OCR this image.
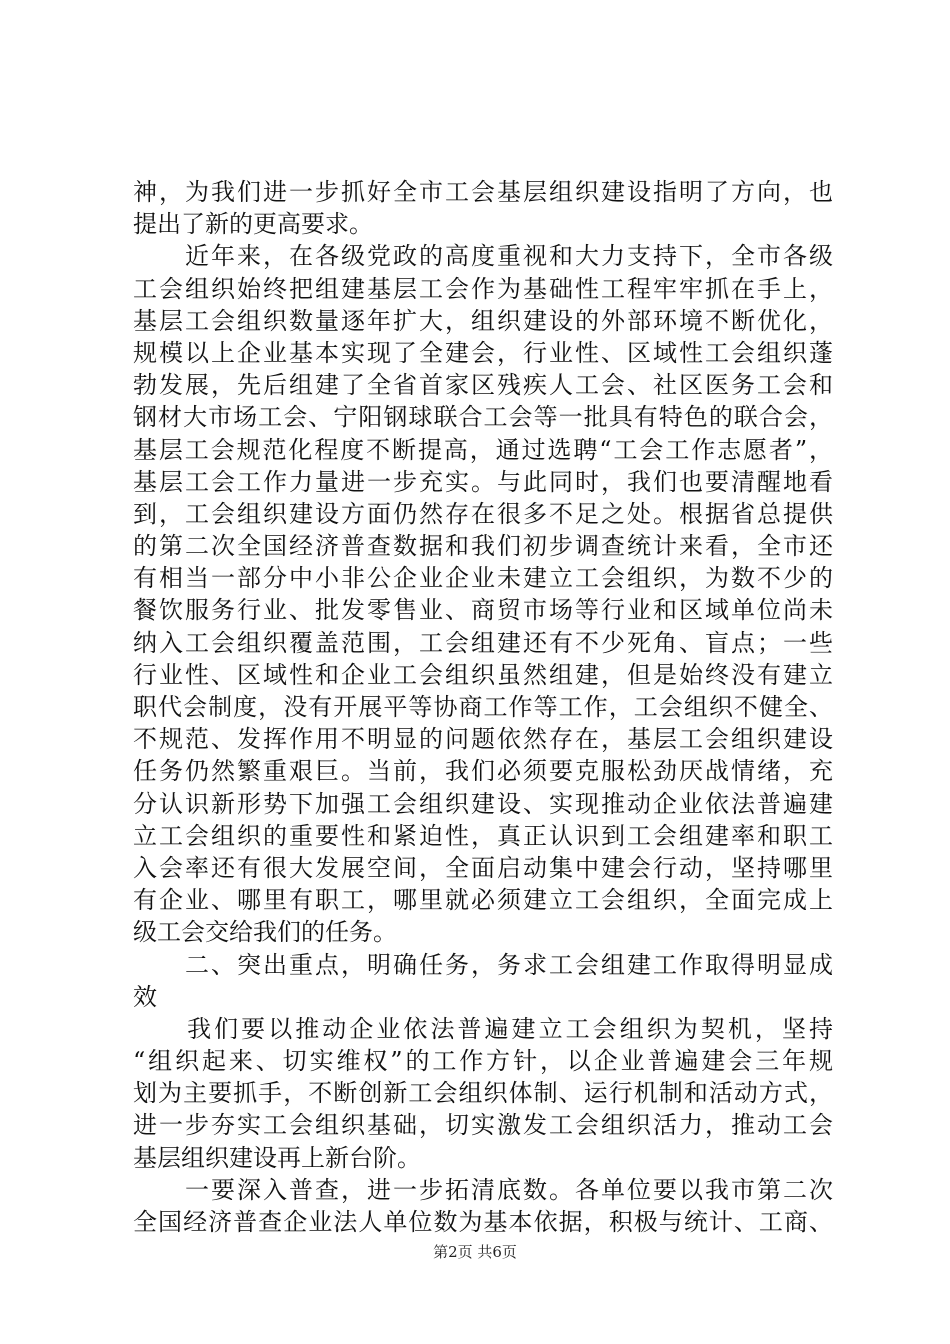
神，为我们进一步抓好全市工会基层组织建设指明了方向，也
提出了新的更高要求。
　　近年来，在各级党政的高度重视和大力支持下，全市各级
工会组织始终把组建基层工会作为基础性工程牢牢抓在手上，
基层工会组织数量逐年扩大，组织建设的外部环境不断优化，
规模以上企业基本实现了全建会，行业性、区域性工会组织蓬
勃发展，先后组建了全省首家区残疾人工会、社区医务工会和
钢材大市场工会、宁阳钢球联合工会等一批具有特色的联合会，
基层工会规范化程度不断提高，通过选聘“工会工作志愿者”，
基层工会工作力量进一步充实。与此同时，我们也要清醒地看
到，工会组织建设方面仍然存在很多不足之处。根据省总提供
的第二次全国经济普查数据和我们初步调查统计来看，全市还
有相当一部分中小非公企业企业未建立工会组织，为数不少的
餐饮服务行业、批发零售业、商贸市场等行业和区域单位尚未
纳入工会组织覆盖范围，工会组建还有不少死角、盲点；一些
行业性、区域性和企业工会组织虽然组建，但是始终没有建立
职代会制度，没有开展平等协商工作等工作，工会组织不健全、
不规范、发挥作用不明显的问题依然存在，基层工会组织建设
任务仍然繁重艰巨。当前，我们必须要克服松劲厌战情绪，充
分认识新形势下加强工会组织建设、实现推动企业依法普遍建
立工会组织的重要性和紧迫性，真正认识到工会组建率和职工
入会率还有很大发展空间，全面启动集中建会行动，坚持哪里
有企业、哪里有职工，哪里就必须建立工会组织，全面完成上
级工会交给我们的任务。
　　二、突出重点，明确任务，务求工会组建工作取得明显成
效
　　我们要以推动企业依法普遍建立工会组织为契机，坚持
“组织起来、切实维权”的工作方针，以企业普遍建会三年规
划为主要抓手，不断创新工会组织体制、运行机制和活动方式，
进一步夯实工会组织基础，切实激发工会组织活力，推动工会
基层组织建设再上新台阶。
　　一要深入普查，进一步拓清底数。各单位要以我市第二次
全国经济普查企业法人单位数为基本依据，积极与统计、工商、
第2页 共6页
